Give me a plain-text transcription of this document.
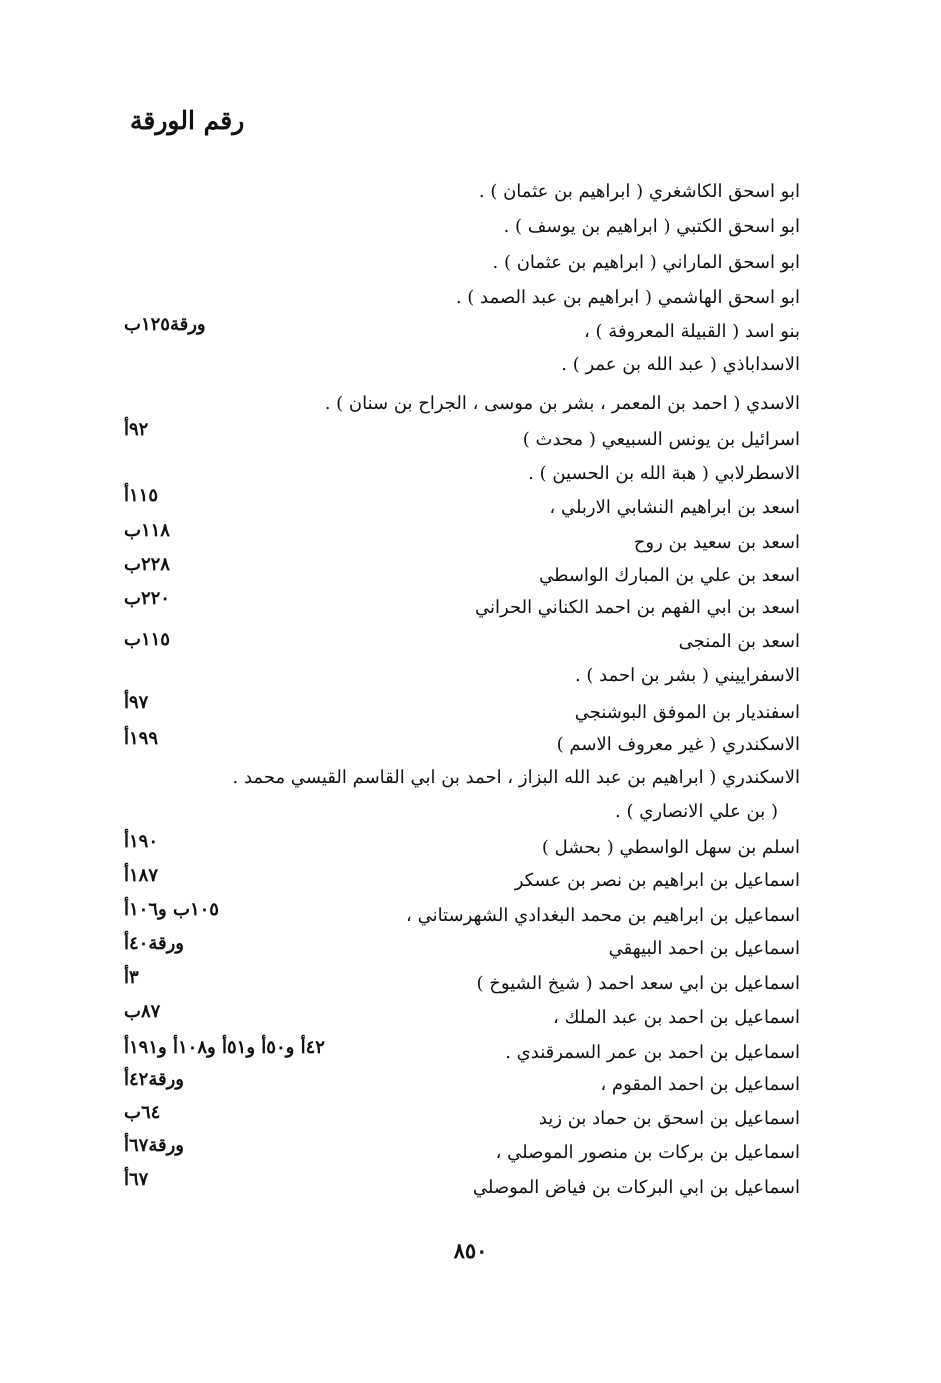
رقم الورقة
ابو اسحق الكاشغري ( ابراهيم بن عثمان ) .
ابو اسحق الكتبي ( ابراهيم بن يوسف ) .
ابو اسحق الماراني ( ابراهيم بن عثمان ) .
ابو اسحق الهاشمي ( ابراهيم بن عبد الصمد ) .
بنو اسد ( القبيلة المعروفة ) ،
الاسداباذي ( عبد الله بن عمر ) .
الاسدي ( احمد بن المعمر ، بشر بن موسى ، الجراح بن سنان ) .
اسرائيل بن يونس السبيعي ( محدث )
الاسطرلابي ( هبة الله بن الحسين ) .
اسعد بن ابراهيم النشابي الاربلي ،
اسعد بن سعيد بن روح
اسعد بن علي بن المبارك الواسطي
اسعد بن ابي الفهم بن احمد الكناني الحراني
اسعد بن المنجى
الاسفراييني ( بشر بن احمد ) .
اسفنديار بن الموفق البوشنجي
الاسكندري ( غير معروف الاسم )
الاسكندري ( ابراهيم بن عبد الله البزاز ، احمد بن ابي القاسم القيسي محمد .
( بن علي الانصاري ) .
اسلم بن سهل الواسطي ( بحشل )
اسماعيل بن ابراهيم بن نصر بن عسكر
اسماعيل بن ابراهيم بن محمد البغدادي الشهرستاني ،
اسماعيل بن احمد البيهقي
اسماعيل بن ابي سعد احمد ( شيخ الشيوخ )
اسماعيل بن احمد بن عبد الملك ،
اسماعيل بن احمد بن عمر السمرقندي .
اسماعيل بن احمد المقوم ،
اسماعيل بن اسحق بن حماد بن زيد
اسماعيل بن بركات بن منصور الموصلي ،
اسماعيل بن ابي البركات بن فياض الموصلي
ورقة١٢٥ب
٩٢أ
١١٥أ
١١٨ب
٢٢٨ب
٢٢٠ب
١١٥ب
٩٧أ
١٩٩أ
١٩٠أ
١٨٧أ
١٠٥ب و١٠٦أ
ورقة٤٠أ
٣أ
٨٧ب
٤٢أ و٥٠أ و٥١أ و١٠٨أ و١٩١أ
ورقة٤٢أ
٦٤ب
ورقة٦٧أ
٦٧أ
٨٥٠
